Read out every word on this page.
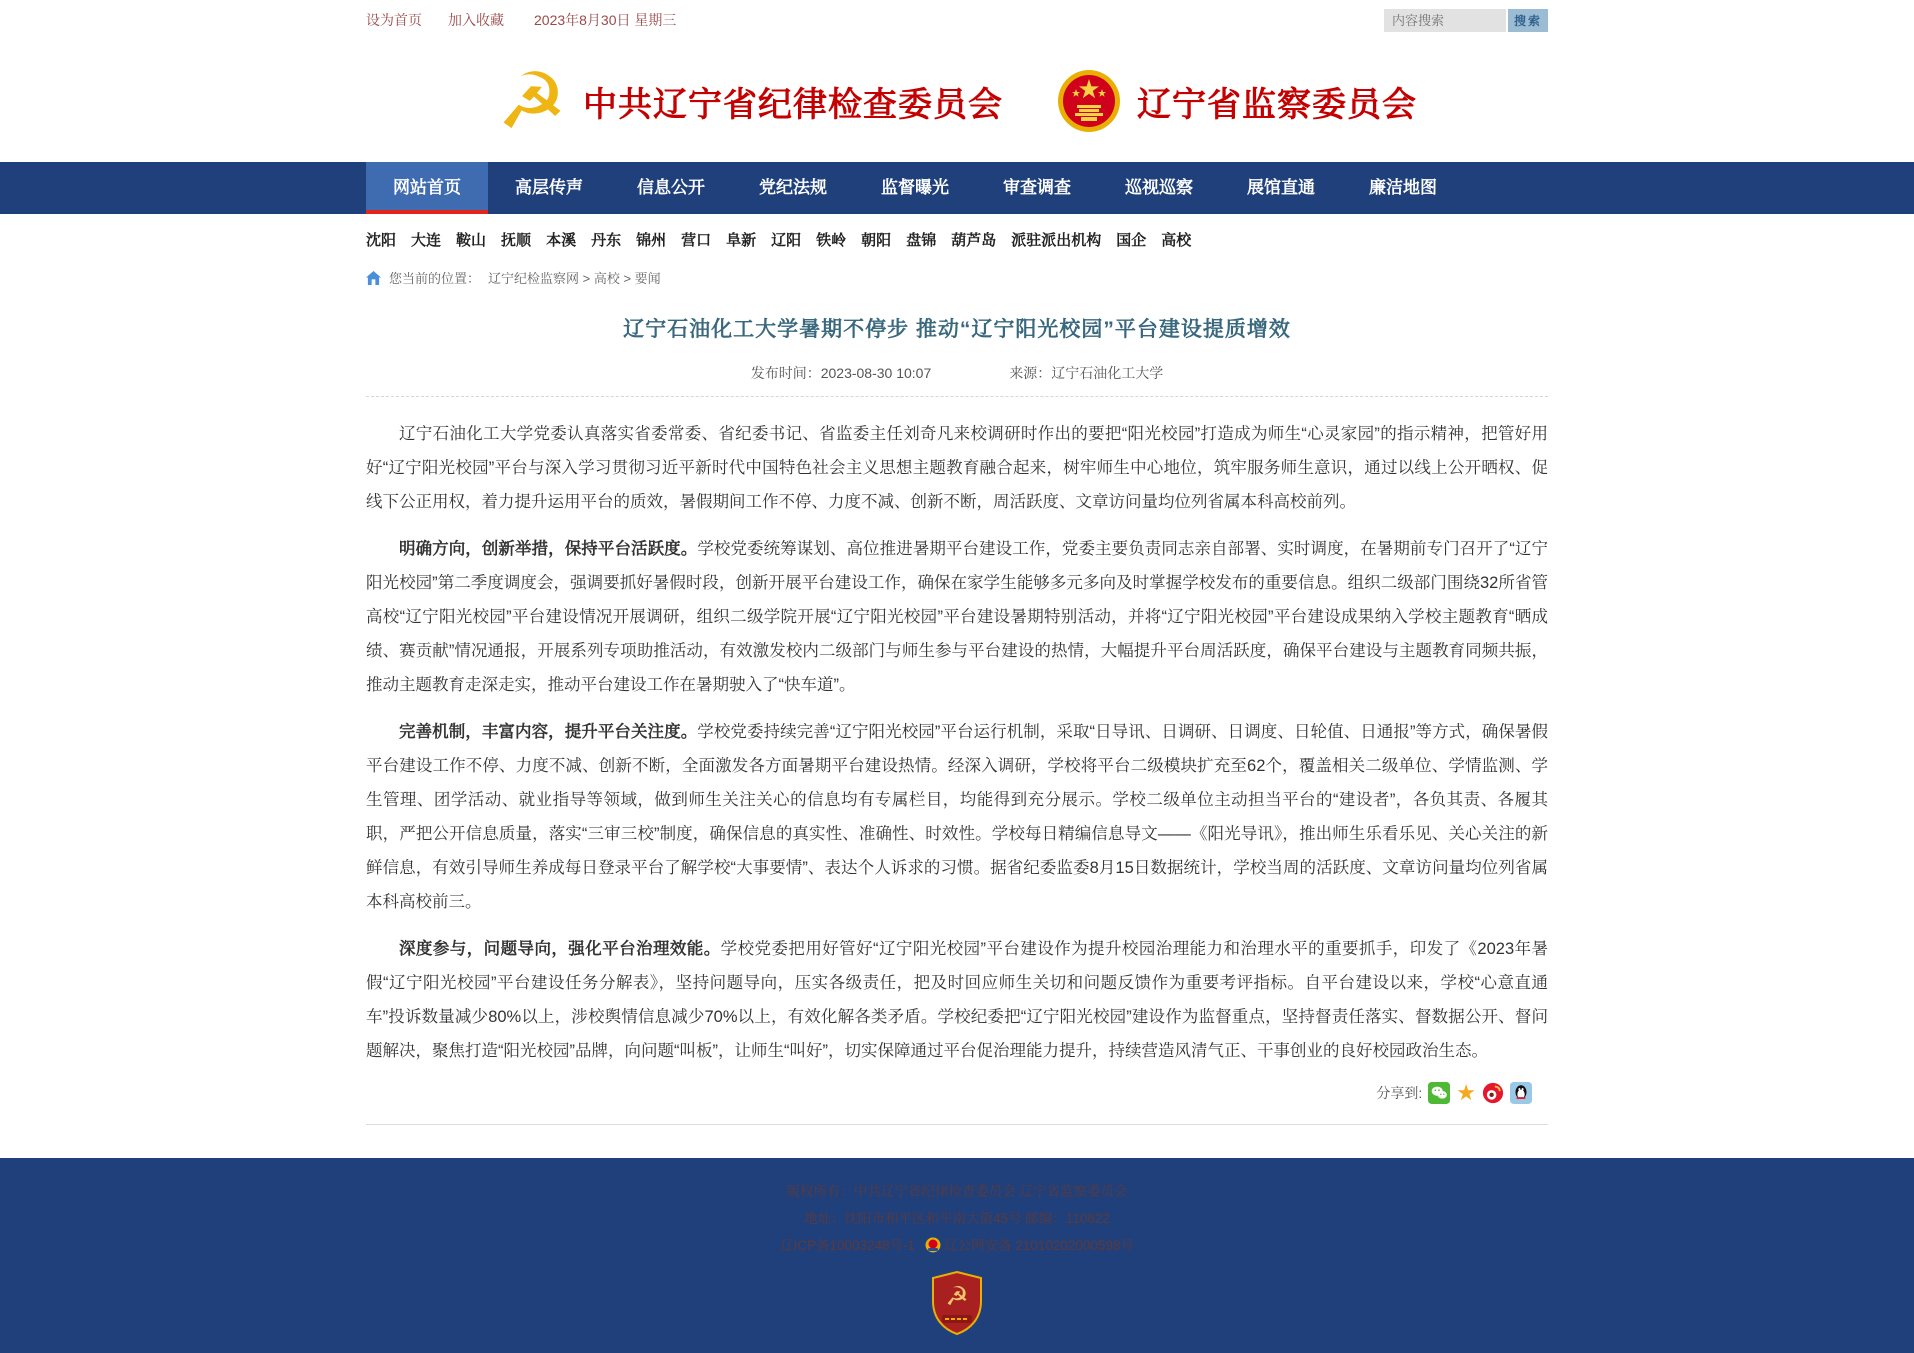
设为首页 加入收藏 2023年8月30日 星期三
内容搜索	搜索
☭ 中共辽宁省纪律检查委员会	辽宁省监察委员会
网站首页	高层传声	信息公开	党纪法规	监督曝光	审查调查	巡视巡察	展馆直通	廉洁地图
沈阳 大连 鞍山 抚顺 本溪 丹东 锦州 营口 阜新 辽阳 铁岭 朝阳 盘锦 葫芦岛 派驻派出机构 国企 高校
您当前的位置： 辽宁纪检监察网 > 高校 > 要闻
辽宁石油化工大学暑期不停步 推动“辽宁阳光校园”平台建设提质增效
发布时间：2023-08-30 10:07	来源：辽宁石油化工大学

辽宁石油化工大学党委认真落实省委常委、省纪委书记、省监委主任刘奇凡来校调研时作出的要把“阳光校园”打造成为师生“心灵家园”的指示精神，把管好用好“辽宁阳光校园”平台与深入学习贯彻习近平新时代中国特色社会主义思想主题教育融合起来，树牢师生中心地位，筑牢服务师生意识，通过以线上公开晒权、促线下公正用权，着力提升运用平台的质效，暑假期间工作不停、力度不减、创新不断，周活跃度、文章访问量均位列省属本科高校前列。

明确方向，创新举措，保持平台活跃度。学校党委统筹谋划、高位推进暑期平台建设工作，党委主要负责同志亲自部署、实时调度，在暑期前专门召开了“辽宁阳光校园”第二季度调度会，强调要抓好暑假时段，创新开展平台建设工作，确保在家学生能够多元多向及时掌握学校发布的重要信息。组织二级部门围绕32所省管高校“辽宁阳光校园”平台建设情况开展调研，组织二级学院开展“辽宁阳光校园”平台建设暑期特别活动，并将“辽宁阳光校园”平台建设成果纳入学校主题教育“晒成绩、赛贡献”情况通报，开展系列专项助推活动，有效激发校内二级部门与师生参与平台建设的热情，大幅提升平台周活跃度，确保平台建设与主题教育同频共振，推动主题教育走深走实，推动平台建设工作在暑期驶入了“快车道”。

完善机制，丰富内容，提升平台关注度。学校党委持续完善“辽宁阳光校园”平台运行机制，采取“日导讯、日调研、日调度、日轮值、日通报”等方式，确保暑假平台建设工作不停、力度不减、创新不断，全面激发各方面暑期平台建设热情。经深入调研，学校将平台二级模块扩充至62个，覆盖相关二级单位、学情监测、学生管理、团学活动、就业指导等领域，做到师生关注关心的信息均有专属栏目，均能得到充分展示。学校二级单位主动担当平台的“建设者”，各负其责、各履其职，严把公开信息质量，落实“三审三校”制度，确保信息的真实性、准确性、时效性。学校每日精编信息导文——《阳光导讯》，推出师生乐看乐见、关心关注的新鲜信息，有效引导师生养成每日登录平台了解学校“大事要情”、表达个人诉求的习惯。据省纪委监委8月15日数据统计，学校当周的活跃度、文章访问量均位列省属本科高校前三。

深度参与，问题导向，强化平台治理效能。学校党委把用好管好“辽宁阳光校园”平台建设作为提升校园治理能力和治理水平的重要抓手，印发了《2023年暑假“辽宁阳光校园”平台建设任务分解表》，坚持问题导向，压实各级责任，把及时回应师生关切和问题反馈作为重要考评指标。自平台建设以来，学校“心意直通车”投诉数量减少80%以上，涉校舆情信息减少70%以上，有效化解各类矛盾。学校纪委把“辽宁阳光校园”建设作为监督重点，坚持督责任落实、督数据公开、督问题解决，聚焦打造“阳光校园”品牌，向问题“叫板”，让师生“叫好”，切实保障通过平台促治理能力提升，持续营造风清气正、干事创业的良好校园政治生态。

分享到: ★
版权所有：中共辽宁省纪律检查委员会 辽宁省监察委员会
地址：沈阳市和平区和平南大街45号 邮编：110822
辽ICP备10003248号-1 辽公网安备 21010202000598号
☭
